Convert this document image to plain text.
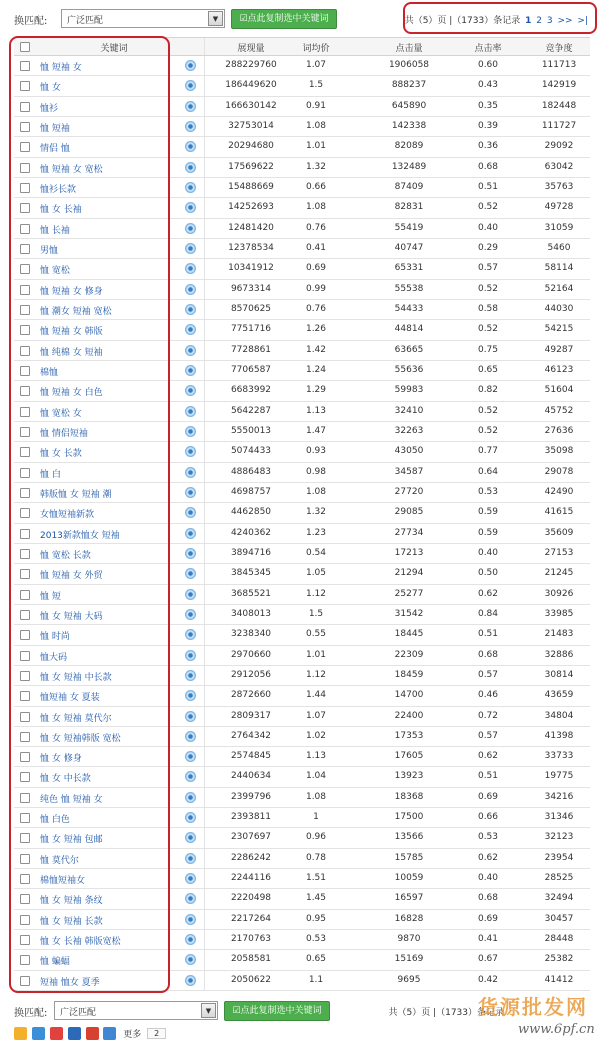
换匹配: 广泛匹配	▼	☑点此复制选中关键词	共（5）页 |（1733）条记录 1 2 3 >> >|
关键词	展现量	词均价	点击量	点击率	竞争度
恤 短袖 女	288229760	1.07	1906058	0.60	111713
恤 女	186449620	1.5	888237	0.43	142919
恤衫	166630142	0.91	645890	0.35	182448
恤 短袖	32753014	1.08	142338	0.39	111727
情侣 恤	20294680	1.01	82089	0.36	29092
恤 短袖 女 宽松	17569622	1.32	132489	0.68	63042
恤衫长款	15488669	0.66	87409	0.51	35763
恤 女 长袖	14252693	1.08	82831	0.52	49728
恤 长袖	12481420	0.76	55419	0.40	31059
男恤	12378534	0.41	40747	0.29	5460
恤 宽松	10341912	0.69	65331	0.57	58114
恤 短袖 女 修身	9673314	0.99	55538	0.52	52164
恤 潮女 短袖 宽松	8570625	0.76	54433	0.58	44030
恤 短袖 女 韩版	7751716	1.26	44814	0.52	54215
恤 纯棉 女 短袖	7728861	1.42	63665	0.75	49287
棉恤	7706587	1.24	55636	0.65	46123
恤 短袖 女 白色	6683992	1.29	59983	0.82	51604
恤 宽松 女	5642287	1.13	32410	0.52	45752
恤 情侣短袖	5550013	1.47	32263	0.52	27636
恤 女 长款	5074433	0.93	43050	0.77	35098
恤 白	4886483	0.98	34587	0.64	29078
韩版恤 女 短袖 潮	4698757	1.08	27720	0.53	42490
女恤短袖新款	4462850	1.32	29085	0.59	41615
2013新款恤女 短袖	4240362	1.23	27734	0.59	35609
恤 宽松 长款	3894716	0.54	17213	0.40	27153
恤 短袖 女 外贸	3845345	1.05	21294	0.50	21245
恤 短	3685521	1.12	25277	0.62	30926
恤 女 短袖 大码	3408013	1.5	31542	0.84	33985
恤 时尚	3238340	0.55	18445	0.51	21483
恤大码	2970660	1.01	22309	0.68	32886
恤 女 短袖 中长款	2912056	1.12	18459	0.57	30814
恤短袖 女 夏装	2872660	1.44	14700	0.46	43659
恤 女 短袖 莫代尔	2809317	1.07	22400	0.72	34804
恤 女 短袖韩版 宽松	2764342	1.02	17353	0.57	41398
恤 女 修身	2574845	1.13	17605	0.62	33733
恤 女 中长款	2440634	1.04	13923	0.51	19775
纯色 恤 短袖 女	2399796	1.08	18368	0.69	34216
恤 白色	2393811	1	17500	0.66	31346
恤 女 短袖 包邮	2307697	0.96	13566	0.53	32123
恤 莫代尔	2286242	0.78	15785	0.62	23954
棉恤短袖女	2244116	1.51	10059	0.40	28525
恤 女 短袖 条纹	2220498	1.45	16597	0.68	32494
恤 女 短袖 长款	2217264	0.95	16828	0.69	30457
恤 女 长袖 韩版宽松	2170763	0.53	9870	0.41	28448
恤 蝙蝠	2058581	0.65	15169	0.67	25382
短袖 恤女 夏季	2050622	1.1	9695	0.42	41412
换匹配: 广泛匹配	▼	☑点此复制选中关键词	共（5）页 |（1733）条记录
更多 2
货源批发网
www.6pf.cn
